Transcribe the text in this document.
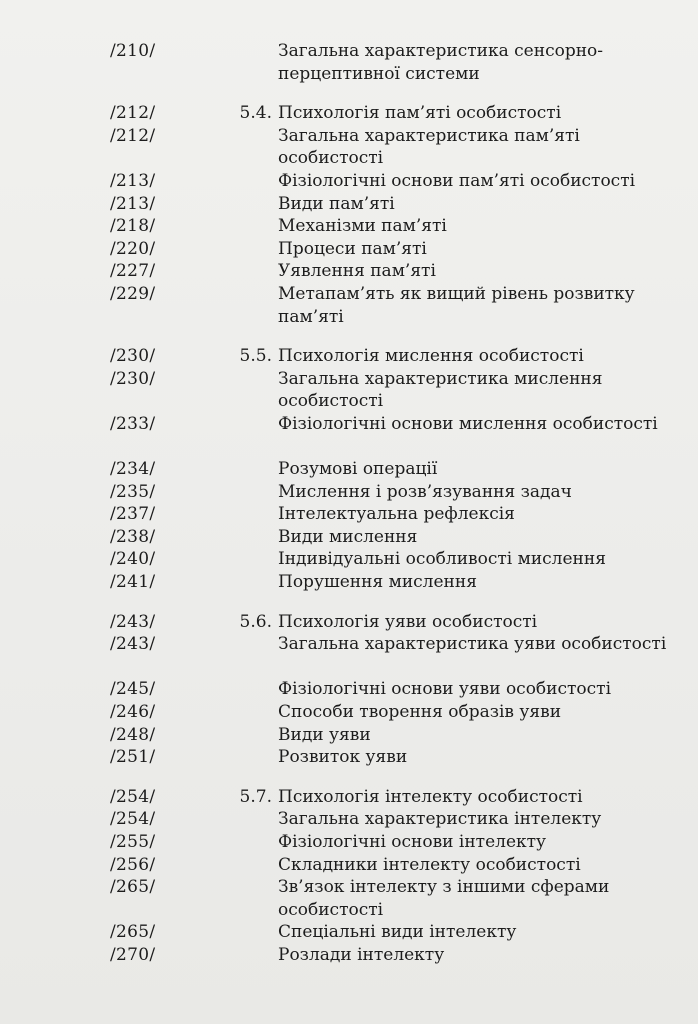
/210/	Загальна характеристика сенсорно-перцептивної системи
/212/	5.4. Психологія пам’яті особистості
/212/	Загальна характеристика пам’яті особистості
/213/	Фізіологічні основи пам’яті особистості
/213/	Види пам’яті
/218/	Механізми пам’яті
/220/	Процеси пам’яті
/227/	Уявлення пам’яті
/229/	Метапам’ять як вищий рівень розвитку пам’яті
/230/	5.5. Психологія мислення особистості
/230/	Загальна характеристика мислення особистості
/233/	Фізіологічні основи мислення особистості
/234/	Розумові операції
/235/	Мислення і розв’язування задач
/237/	Інтелектуальна рефлексія
/238/	Види мислення
/240/	Індивідуальні особливості мислення
/241/	Порушення мислення
/243/	5.6. Психологія уяви особистості
/243/	Загальна характеристика уяви особистості
/245/	Фізіологічні основи уяви особистості
/246/	Способи творення образів уяви
/248/	Види уяви
/251/	Розвиток уяви
/254/	5.7. Психологія інтелекту особистості
/254/	Загальна характеристика інтелекту
/255/	Фізіологічні основи інтелекту
/256/	Складники інтелекту особистості
/265/	Зв’язок інтелекту з іншими сферами особистості
/265/	Спеціальні види інтелекту
/270/	Розлади інтелекту
